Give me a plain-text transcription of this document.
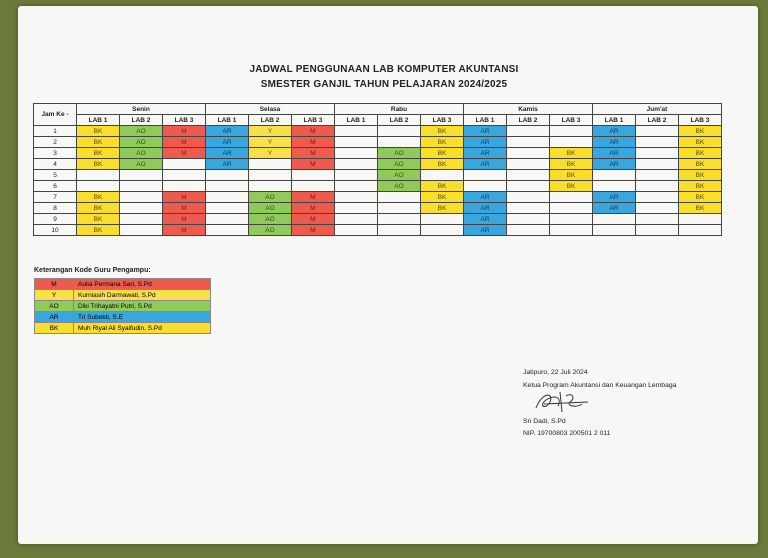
JADWAL PENGGUNAAN LAB KOMPUTER AKUNTANSI
SMESTER GANJIL TAHUN PELAJARAN 2024/2025
Jam Ke -	Senin			Selasa			Rabu			Kamis			Jum'at		
	LAB 1	LAB 2	LAB 3	LAB 1	LAB 2	LAB 3	LAB 1	LAB 2	LAB 3	LAB 1	LAB 2	LAB 3	LAB 1	LAB 2	LAB 3
1	BK	AO	M	AR	Y	M			BK	AR			AR		BK
2	BK	AO	M	AR	Y	M			BK	AR			AR		BK
3	BK	AO	M	AR	Y	M		AO	BK	AR		BK	AR		BK
4	BK	AO		AR		M		AO	BK	AR		BK	AR		BK
5								AO				BK			BK
6								AO	BK			BK			BK
7	BK		M		AO	M			BK	AR			AR		BK
8	BK		M		AO	M			BK	AR			AR		BK
9	BK		M		AO	M				AR					
10	BK		M		AO	M				AR					
Keterangan Kode Guru Pengampu:
M	Aulia Permana Sari, S.Pd
Y	Kurniasih Darmawati, S.Pd
AO	Diki Trihayatni Putri, S.Pd
AR	Tri Subekti, S.E
BK	Muh Riyal Ali Syaifudin, S.Pd
Jatipuro, 22 Juli 2024
Ketua Program Akuntansi dan Keuangan Lembaga
Sri Dadi, S.Pd
NIP. 19700803 200501 2 011
